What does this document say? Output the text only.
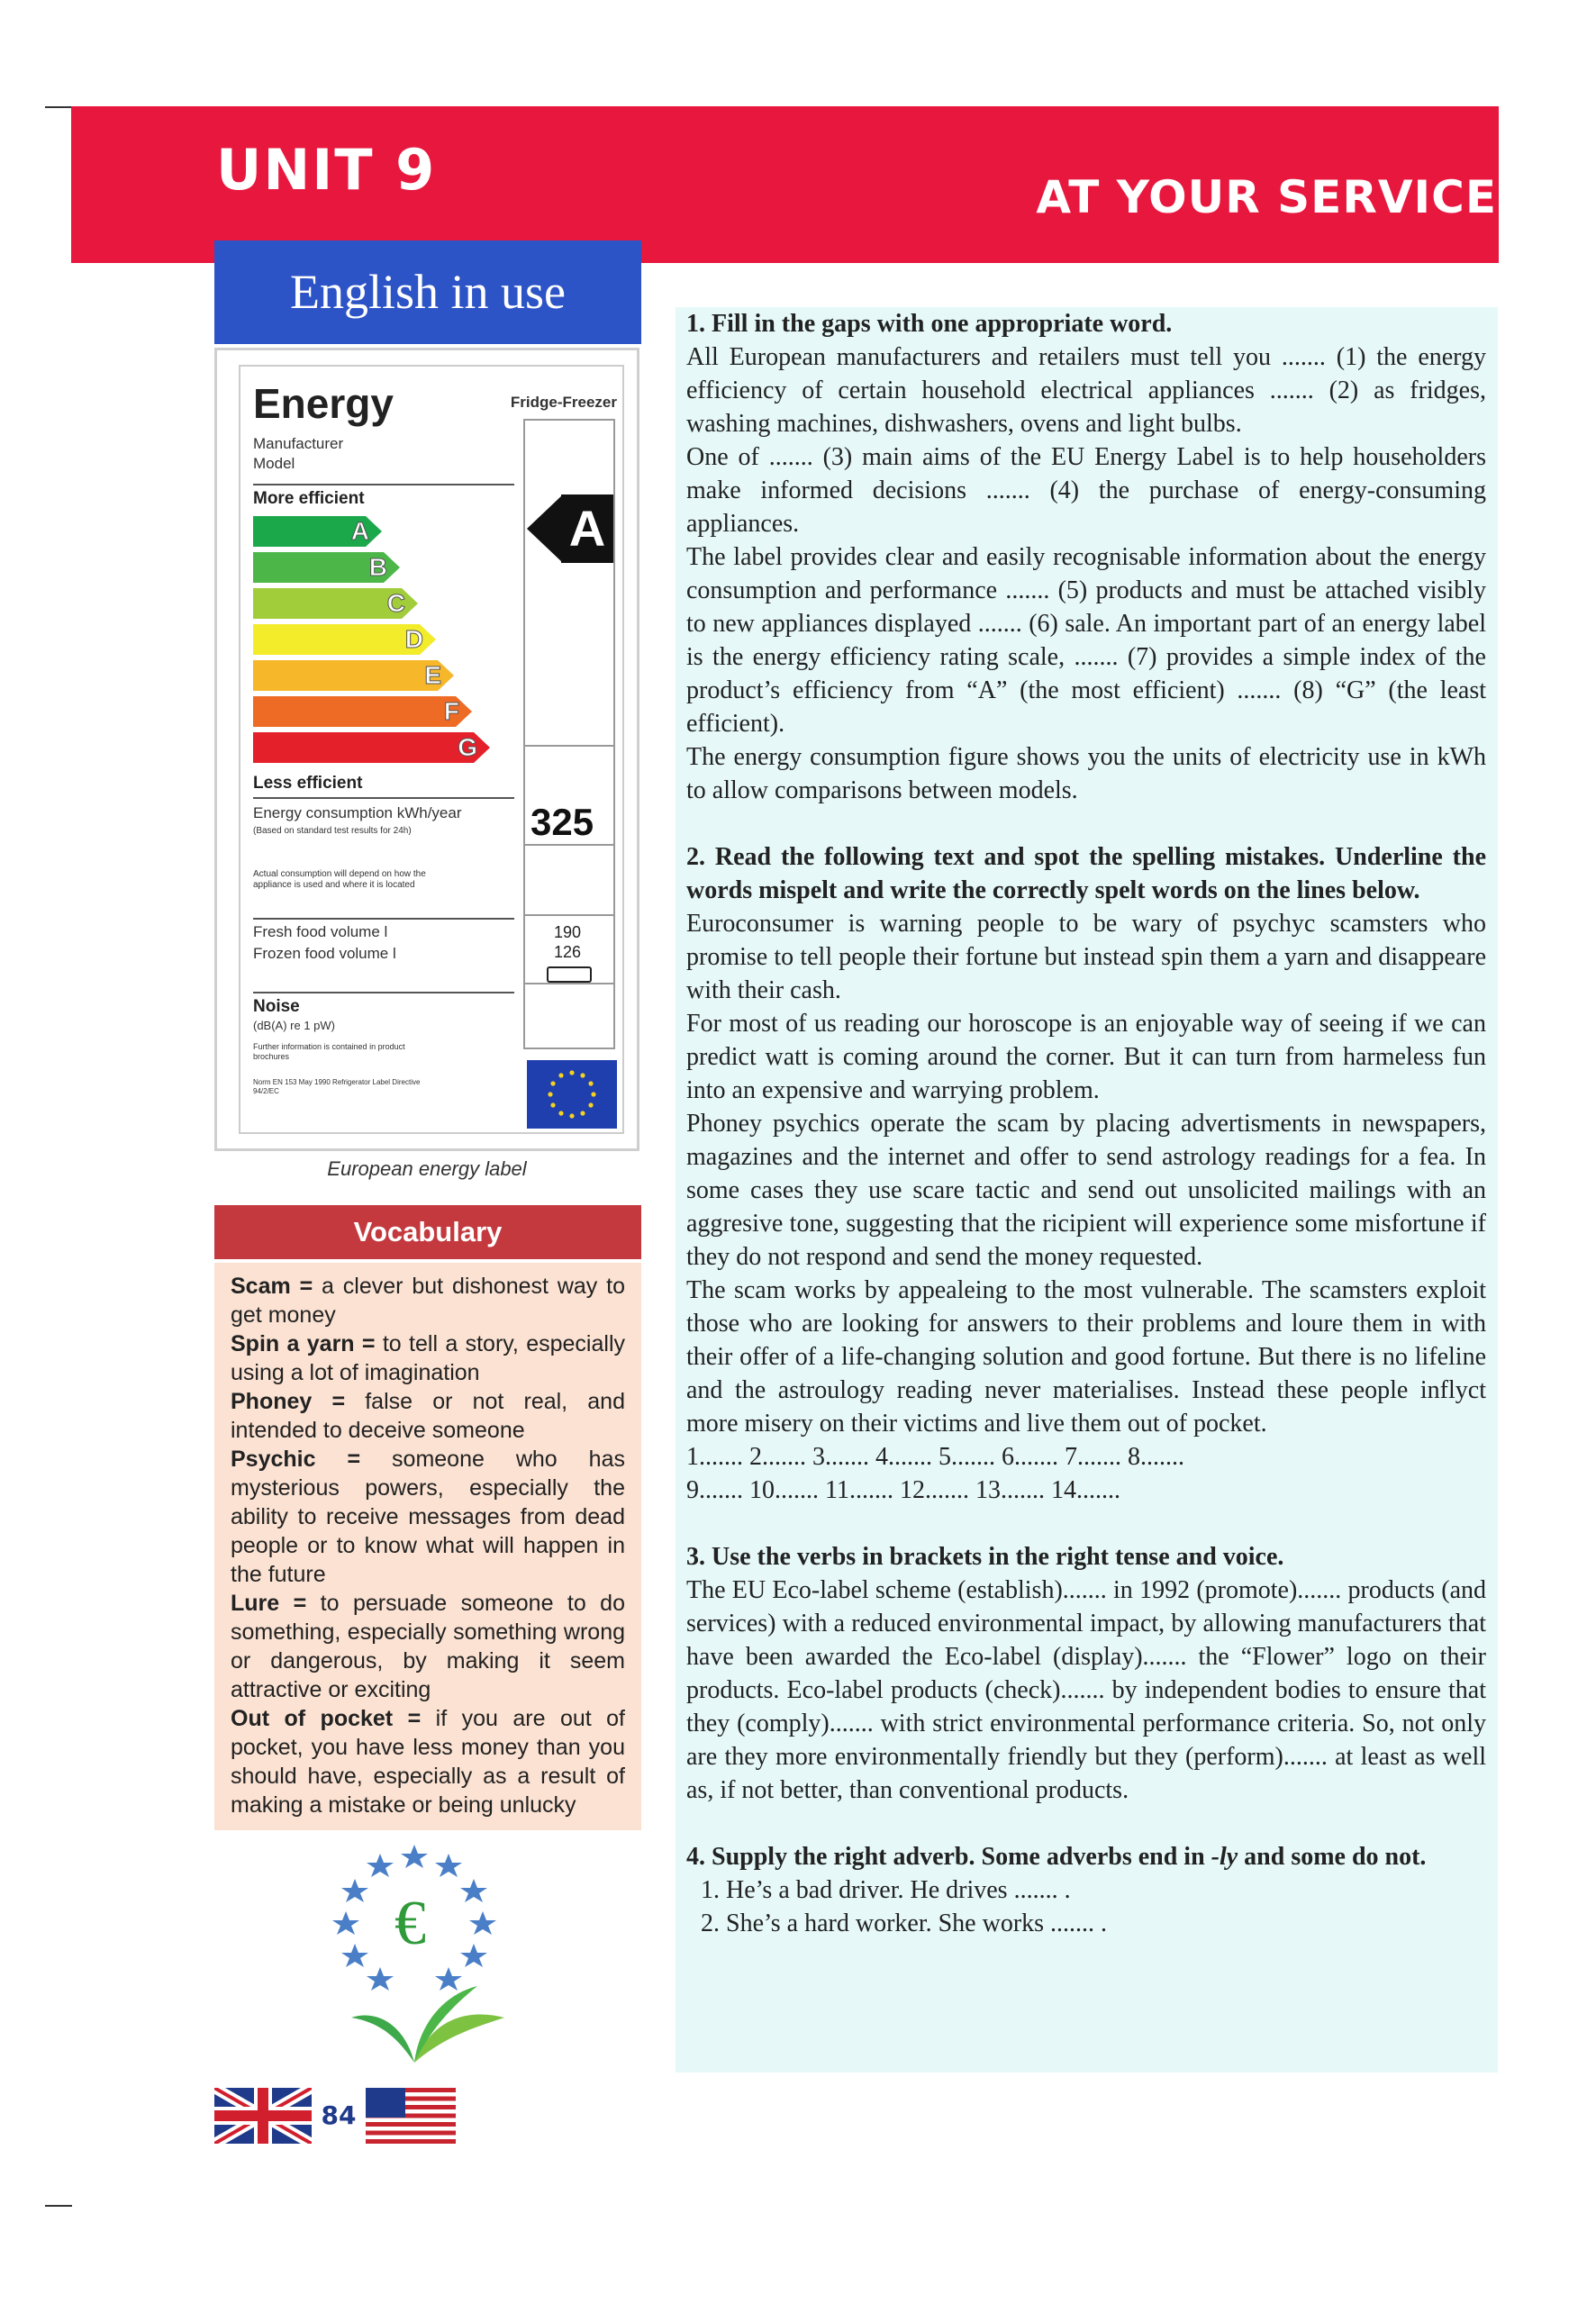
UNIT 9	AT YOUR SERVICE
English in use
Energy	Fridge-Freezer
Manufacturer
Model
More efficient
A
B
C
D
E
F
G
A
Less efficient
Energy consumption kWh/year
(Based on standard test results for 24h)	325
Actual consumption will depend on how the appliance is used and where it is located
Fresh food volume l
Frozen food volume l
190
126
Noise
(dB(A) re 1 pW)
Further information is contained in product brochures
Norm EN 153 May 1990 Refrigerator Label Directive 94/2/EC
European energy label
Vocabulary

Scam = a clever but dishonest way to get money

Spin a yarn = to tell a story, especially using a lot of imagination

Phoney = false or not real, and intended to deceive someone

Psychic = someone who has mysterious powers, especially the ability to receive messages from dead people or to know what will happen in the future

Lure = to persuade someone to do something, especially something wrong or dangerous, by making it seem attractive or exciting

Out of pocket = if you are out of pocket, you have less money than you should have, especially as a result of making a mistake or being unlucky

€
84

1. Fill in the gaps with one appropriate word.

All European manufacturers and retailers must tell you ....... (1) the energy efficiency of certain household electrical appliances ....... (2) as fridges, washing machines, dishwashers, ovens and light bulbs.

One of ....... (3) main aims of the EU Energy Label is to help householders make informed decisions ....... (4) the purchase of energy-consuming appliances.

The label provides clear and easily recognisable information about the energy consumption and performance ....... (5) products and must be attached visibly to new appliances displayed ....... (6) sale. An important part of an energy label is the energy efficiency rating scale, ....... (7) provides a simple index of the product’s efficiency from “A” (the most efficient) ....... (8) “G” (the least efficient).

The energy consumption figure shows you the units of electricity use in kWh to allow comparisons between models.

2. Read the following text and spot the spelling mistakes. Underline the words mispelt and write the correctly spelt words on the lines below.

Euroconsumer is warning people to be wary of psychyc scamsters who promise to tell people their fortune but instead spin them a yarn and disappeare with their cash.

For most of us reading our horoscope is an enjoyable way of seeing if we can predict watt is coming around the corner. But it can turn from harmeless fun into an expensive and warrying problem.

Phoney psychics operate the scam by placing advertisments in newspapers, magazines and the internet and offer to send astrology readings for a fea. In some cases they use scare tactic and send out unsolicited mailings with an aggresive tone, suggesting that the ricipient will experience some misfortune if they do not respond and send the money requested.

The scam works by appealeing to the most vulnerable. The scamsters exploit those who are looking for answers to their problems and loure them in with their offer of a life-changing solution and good fortune. But there is no lifeline and the astroulogy reading never materialises. Instead these people inflyct more misery on their victims and live them out of pocket.

1....... 2....... 3....... 4....... 5....... 6....... 7....... 8.......

9....... 10....... 11....... 12....... 13....... 14.......

3. Use the verbs in brackets in the right tense and voice.

The EU Eco-label scheme (establish)....... in 1992 (promote)....... products (and services) with a reduced environmental impact, by allowing manufacturers that have been awarded the Eco-label (display)....... the “Flower” logo on their products. Eco-label products (check)....... by independent bodies to ensure that they (comply)....... with strict environmental performance criteria. So, not only are they more environmentally friendly but they (perform)....... at least as well as, if not better, than conventional products.

4. Supply the right adverb. Some adverbs end in -ly and some do not.

1. He’s a bad driver. He drives ....... .

2. She’s a hard worker. She works ....... .
